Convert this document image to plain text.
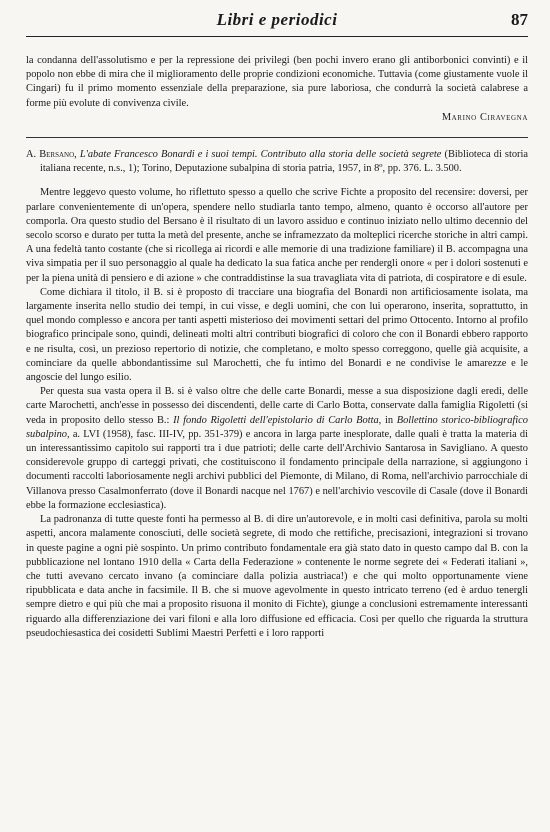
Libri e periodici	87

la condanna dell'assolutismo e per la repressione dei privilegi (ben pochi invero erano gli antiborbonici convinti) e il popolo non ebbe di mira che il miglioramento delle proprie condizioni economiche. Tuttavia (come giustamente vuole il Cingari) fu il primo momento essenziale della preparazione, sia pure laboriosa, che condurrà la società calabrese a forme più evolute di convivenza civile.

Marino Ciravegna
A. Bersano, L'abate Francesco Bonardi e i suoi tempi. Contributo alla storia delle società segrete (Biblioteca di storia italiana recente, n.s., 1); Torino, Deputazione subalpina di storia patria, 1957, in 8º, pp. 376. L. 3.500.

Mentre leggevo questo volume, ho riflettuto spesso a quello che scrive Fichte a proposito del recensire: doversi, per parlare convenientemente di un'opera, spendere nello studiarla tanto tempo, almeno, quanto è occorso all'autore per comporla. Ora questo studio del Bersano è il risultato di un lavoro assiduo e continuo iniziato nello ultimo decennio del secolo scorso e durato per tutta la metà del presente, anche se inframezzato da molteplici ricerche storiche in altri campi. A una fedeltà tanto costante (che si ricollega ai ricordi e alle memorie di una tradizione familiare) il B. accompagna una viva simpatia per il suo personaggio al quale ha dedicato la sua fatica anche per rendergli onore « per i dolori sostenuti e per la piena unità di pensiero e di azione » che contraddistinse la sua travagliata vita di patriota, di cospiratore e di esule.

Come dichiara il titolo, il B. si è proposto di tracciare una biografia del Bonardi non artificiosamente isolata, ma largamente inserita nello studio dei tempi, in cui visse, e degli uomini, che con lui operarono, inserita, soprattutto, in quel mondo complesso e ancora per tanti aspetti misterioso dei movimenti settari del primo Ottocento. Intorno al profilo biografico principale sono, quindi, delineati molti altri contributi biografici di coloro che con il Bonardi ebbero rapporto e ne risulta, così, un prezioso repertorio di notizie, che completano, e molto spesso correggono, quelle già acquisite, a cominciare da quelle abbondantissime sul Marochetti, che fu intimo del Bonardi e ne condivise le amarezze e le angoscie del lungo esilio.

Per questa sua vasta opera il B. si è valso oltre che delle carte Bonardi, messe a sua disposizione dagli eredi, delle carte Marochetti, anch'esse in possesso dei discendenti, delle carte di Carlo Botta, conservate dalla famiglia Rigoletti (si veda in proposito dello stesso B.: Il fondo Rigoletti dell'epistolario di Carlo Botta, in Bollettino storico-bibliografico subalpino, a. LVI (1958), fasc. III-IV, pp. 351-379) e ancora in larga parte inesplorate, dalle quali è tratta la materia di un interessantissimo capitolo sui rapporti tra i due patrioti; delle carte dell'Archivio Santarosa in Savigliano. A questo considerevole gruppo di carteggi privati, che costituiscono il fondamento principale della narrazione, si aggiungono i documenti raccolti laboriosamente negli archivi pubblici del Piemonte, di Milano, di Roma, nell'archivio parrocchiale di Villanova presso Casalmonferrato (dove il Bonardi nacque nel 1767) e nell'archivio vescovile di Casale (dove il Bonardi ebbe la formazione ecclesiastica).

La padronanza di tutte queste fonti ha permesso al B. di dire un'autorevole, e in molti casi definitiva, parola su molti aspetti, ancora malamente conosciuti, delle società segrete, di modo che rettifiche, precisazioni, integrazioni si trovano in queste pagine a ogni piè sospinto. Un primo contributo fondamentale era già stato dato in questo campo dal B. con la pubblicazione nel lontano 1910 della « Carta della Federazione » contenente le norme segrete dei « Federati italiani », che tutti avevano cercato invano (a cominciare dalla polizia austriaca!) e che qui molto opportunamente viene ripubblicata e data anche in facsimile. Il B. che si muove agevolmente in questo intricato terreno (ed è arduo tenergli sempre dietro e qui più che mai a proposito risuona il monito di Fichte), giunge a conclusioni estremamente interessanti riguardo alla differenziazione dei vari filoni e alla loro diffusione ed efficacia. Così per quello che riguarda la struttura pseudochiesastica dei cosidetti Sublimi Maestri Perfetti e i loro rapporti
